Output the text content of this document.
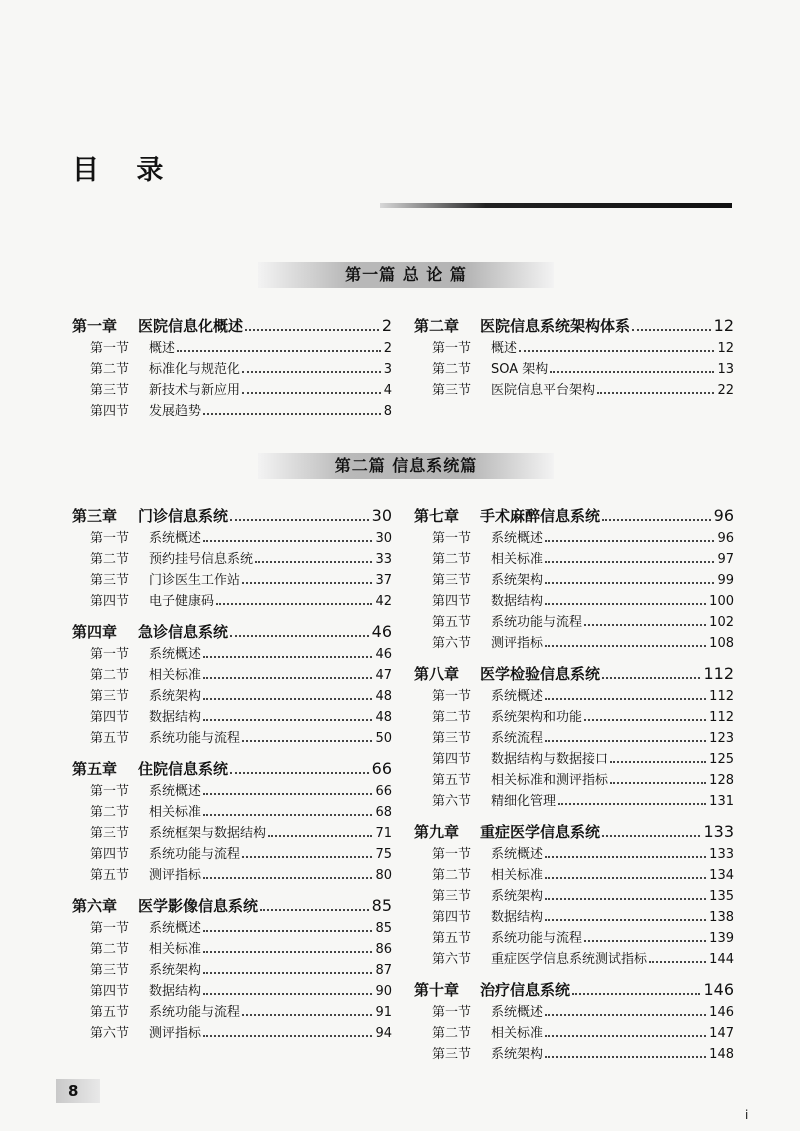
目 录
第一篇 总 论 篇
第一章 医院信息化概述	2
第一节 概述	2
第二节 标准化与规范化	3
第三节 新技术与新应用	4
第四节 发展趋势	8
第二章 医院信息系统架构体系	12
第一节 概述	12
第二节 SOA 架构	13
第三节 医院信息平台架构	22
第二篇 信息系统篇
第三章 门诊信息系统	30
第一节 系统概述	30
第二节 预约挂号信息系统	33
第三节 门诊医生工作站	37
第四节 电子健康码	42
第四章 急诊信息系统	46
第一节 系统概述	46
第二节 相关标准	47
第三节 系统架构	48
第四节 数据结构	48
第五节 系统功能与流程	50
第五章 住院信息系统	66
第一节 系统概述	66
第二节 相关标准	68
第三节 系统框架与数据结构	71
第四节 系统功能与流程	75
第五节 测评指标	80
第六章 医学影像信息系统	85
第一节 系统概述	85
第二节 相关标准	86
第三节 系统架构	87
第四节 数据结构	90
第五节 系统功能与流程	91
第六节 测评指标	94
第七章 手术麻醉信息系统	96
第一节 系统概述	96
第二节 相关标准	97
第三节 系统架构	99
第四节 数据结构	100
第五节 系统功能与流程	102
第六节 测评指标	108
第八章 医学检验信息系统	112
第一节 系统概述	112
第二节 系统架构和功能	112
第三节 系统流程	123
第四节 数据结构与数据接口	125
第五节 相关标准和测评指标	128
第六节 精细化管理	131
第九章 重症医学信息系统	133
第一节 系统概述	133
第二节 相关标准	134
第三节 系统架构	135
第四节 数据结构	138
第五节 系统功能与流程	139
第六节 重症医学信息系统测试指标	144
第十章 治疗信息系统	146
第一节 系统概述	146
第二节 相关标准	147
第三节 系统架构	148
8
i
